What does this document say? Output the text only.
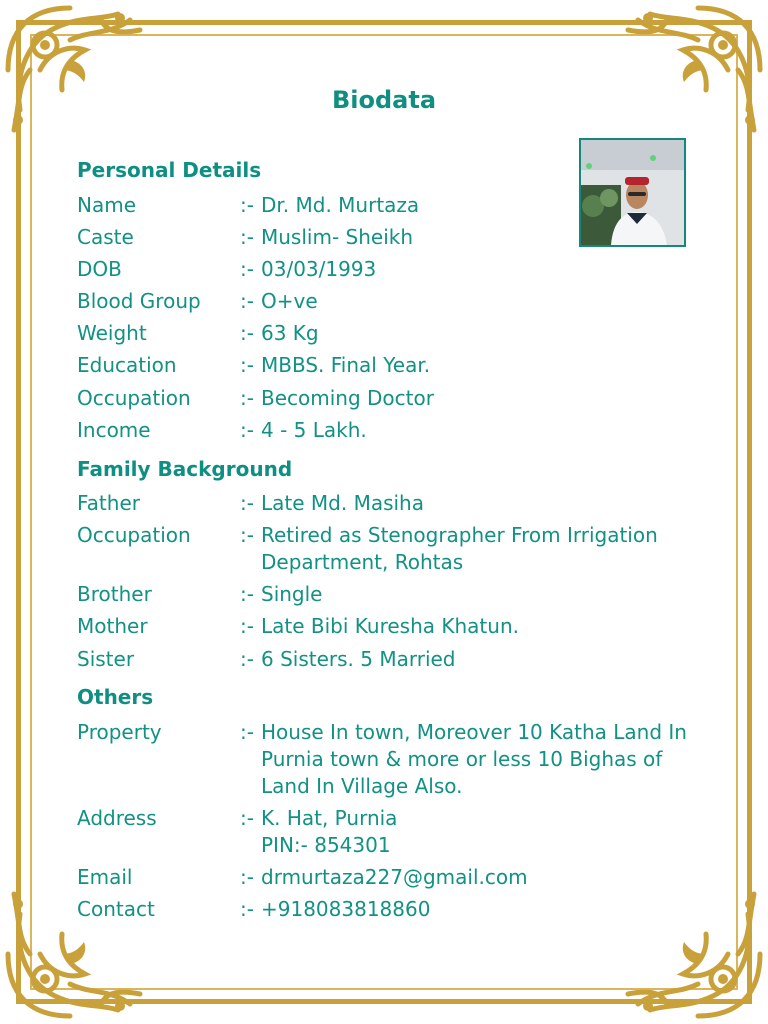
Biodata
Personal Details
Name	:- Dr. Md. Murtaza
Caste	:- Muslim- Sheikh
DOB	:- 03/03/1993
Blood Group	:- O+ve
Weight	:- 63 Kg
Education	:- MBBS. Final Year.
Occupation	:- Becoming Doctor
Income	:- 4 - 5 Lakh.
Family Background
Father	:- Late Md. Masiha
Occupation	:- Retired as Stenographer From Irrigation Department, Rohtas
Brother	:- Single
Mother	:- Late Bibi Kuresha Khatun.
Sister	:- 6 Sisters. 5 Married
Others
Property	:- House In town, Moreover 10 Katha Land In Purnia town & more or less 10 Bighas of Land In Village Also.
Address	:- K. Hat, Purnia PIN:- 854301
Email	:- drmurtaza227@gmail.com
Contact	:- +918083818860
